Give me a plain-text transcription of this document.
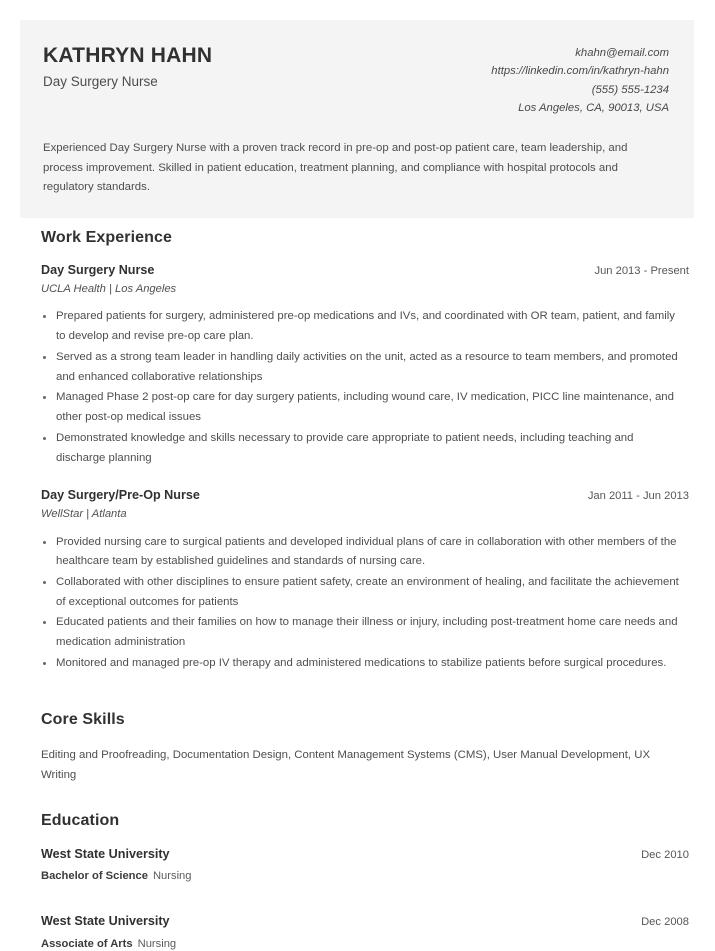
KATHRYN HAHN
Day Surgery Nurse
khahn@email.com
https://linkedin.com/in/kathryn-hahn
(555) 555-1234
Los Angeles, CA, 90013, USA
Experienced Day Surgery Nurse with a proven track record in pre-op and post-op patient care, team leadership, and process improvement. Skilled in patient education, treatment planning, and compliance with hospital protocols and regulatory standards.
Work Experience
Day Surgery Nurse	Jun 2013 - Present
UCLA Health | Los Angeles
Prepared patients for surgery, administered pre-op medications and IVs, and coordinated with OR team, patient, and family to develop and revise pre-op care plan.
Served as a strong team leader in handling daily activities on the unit, acted as a resource to team members, and promoted and enhanced collaborative relationships
Managed Phase 2 post-op care for day surgery patients, including wound care, IV medication, PICC line maintenance, and other post-op medical issues
Demonstrated knowledge and skills necessary to provide care appropriate to patient needs, including teaching and discharge planning
Day Surgery/Pre-Op Nurse	Jan 2011 - Jun 2013
WellStar | Atlanta
Provided nursing care to surgical patients and developed individual plans of care in collaboration with other members of the healthcare team by established guidelines and standards of nursing care.
Collaborated with other disciplines to ensure patient safety, create an environment of healing, and facilitate the achievement of exceptional outcomes for patients
Educated patients and their families on how to manage their illness or injury, including post-treatment home care needs and medication administration
Monitored and managed pre-op IV therapy and administered medications to stabilize patients before surgical procedures.
Core Skills
Editing and Proofreading, Documentation Design, Content Management Systems (CMS), User Manual Development, UX Writing
Education
West State University	Dec 2010
Bachelor of Science Nursing
West State University	Dec 2008
Associate of Arts Nursing
